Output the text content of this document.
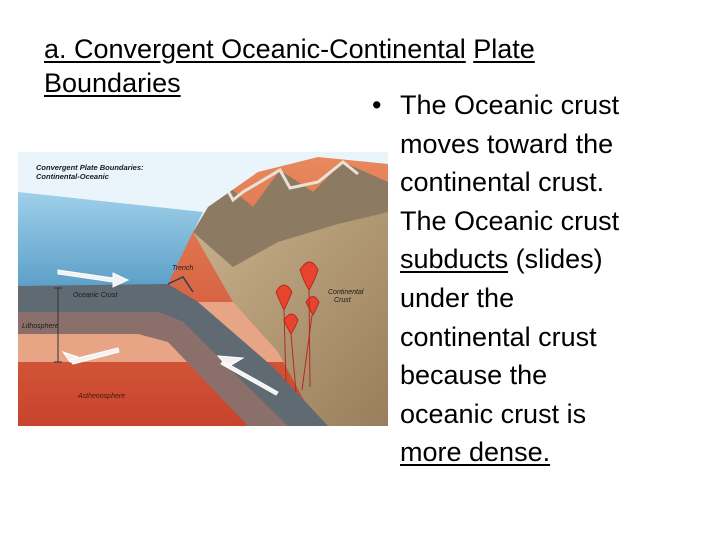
a. Convergent Oceanic-Continental Plate
Boundaries
Convergent Plate Boundaries:
Continental-Oceanic
Trench
Oceanic Crust	Continental
Crust
Lithosphere
Asthenosphere
• The Oceanic crust
moves toward the
continental crust.
The Oceanic crust
subducts (slides)
under the
continental crust
because the
oceanic crust is
more dense.
